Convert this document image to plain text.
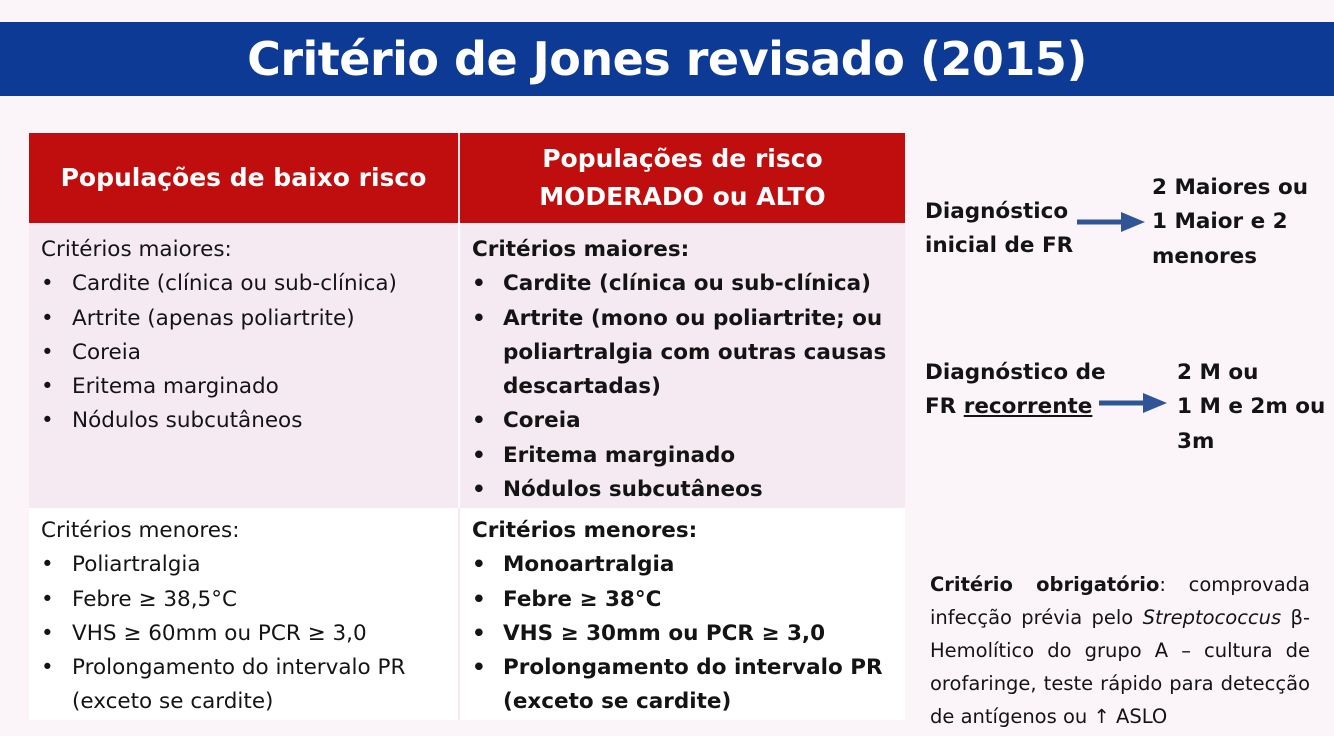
Critério de Jones revisado (2015)
Populações de baixo risco
Populações de risco
MODERADO ou ALTO
Critérios maiores:
• Cardite (clínica ou sub-clínica)
• Artrite (apenas poliartrite)
• Coreia
• Eritema marginado
• Nódulos subcutâneos
Critérios maiores:
• Cardite (clínica ou sub-clínica)
• Artrite (mono ou poliartrite; ou poliartralgia com outras causas descartadas)
• Coreia
• Eritema marginado
• Nódulos subcutâneos
Critérios menores:
• Poliartralgia
• Febre ≥ 38,5°C
• VHS ≥ 60mm ou PCR ≥ 3,0
• Prolongamento do intervalo PR (exceto se cardite)
Critérios menores:
• Monoartralgia
• Febre ≥ 38°C
• VHS ≥ 30mm ou PCR ≥ 3,0
• Prolongamento do intervalo PR (exceto se cardite)
Diagnóstico
inicial de FR
2 Maiores ou
1 Maior e 2
menores
Diagnóstico de
FR recorrente
2 M ou
1 M e 2m ou
3m
Critério obrigatório: comprovada infecção prévia pelo Streptococcus β-Hemolítico do grupo A – cultura de orofaringe, teste rápido para detecção de antígenos ou ↑ ASLO
